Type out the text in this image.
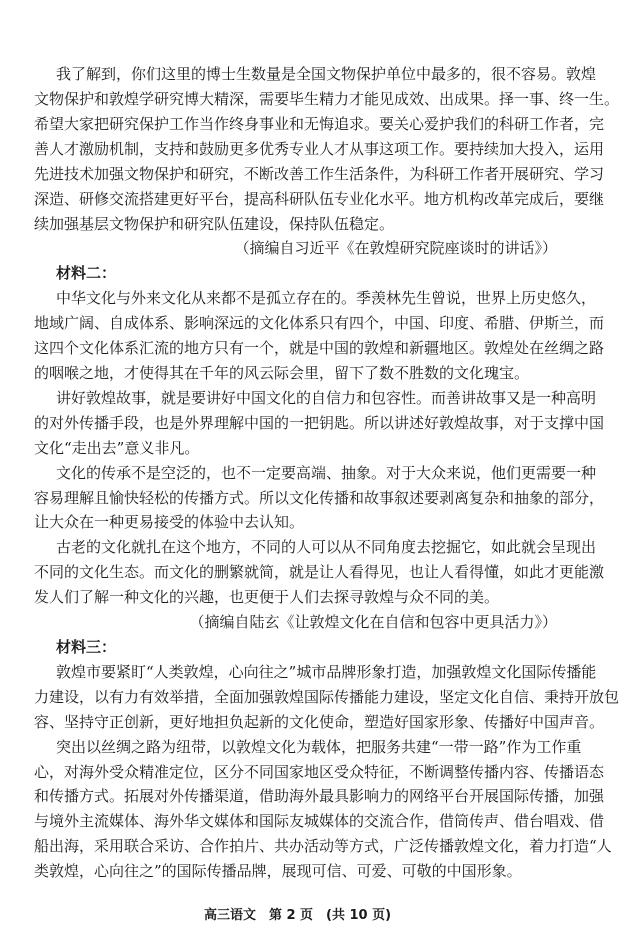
我了解到，你们这里的博士生数量是全国文物保护单位中最多的，很不容易。敦煌
文物保护和敦煌学研究博大精深，需要毕生精力才能见成效、出成果。择一事、终一生。
希望大家把研究保护工作当作终身事业和无悔追求。要关心爱护我们的科研工作者，完
善人才激励机制，支持和鼓励更多优秀专业人才从事这项工作。要持续加大投入，运用
先进技术加强文物保护和研究，不断改善工作生活条件，为科研工作者开展研究、学习
深造、研修交流搭建更好平台，提高科研队伍专业化水平。地方机构改革完成后，要继
续加强基层文物保护和研究队伍建设，保持队伍稳定。
（摘编自习近平《在敦煌研究院座谈时的讲话》）
材料二：
中华文化与外来文化从来都不是孤立存在的。季羡林先生曾说，世界上历史悠久，
地域广阔、自成体系、影响深远的文化体系只有四个，中国、印度、希腊、伊斯兰，而
这四个文化体系汇流的地方只有一个，就是中国的敦煌和新疆地区。敦煌处在丝绸之路
的咽喉之地，才使得其在千年的风云际会里，留下了数不胜数的文化瑰宝。
讲好敦煌故事，就是要讲好中国文化的自信力和包容性。而善讲故事又是一种高明
的对外传播手段，也是外界理解中国的一把钥匙。所以讲述好敦煌故事，对于支撑中国
文化“走出去”意义非凡。
文化的传承不是空泛的，也不一定要高端、抽象。对于大众来说，他们更需要一种
容易理解且愉快轻松的传播方式。所以文化传播和故事叙述要剥离复杂和抽象的部分，
让大众在一种更易接受的体验中去认知。
古老的文化就扎在这个地方，不同的人可以从不同角度去挖掘它，如此就会呈现出
不同的文化生态。而文化的删繁就简，就是让人看得见，也让人看得懂，如此才更能激
发人们了解一种文化的兴趣，也更便于人们去探寻敦煌与众不同的美。
（摘编自陆玄《让敦煌文化在自信和包容中更具活力》）
材料三：
敦煌市要紧盯“人类敦煌，心向往之”城市品牌形象打造，加强敦煌文化国际传播能
力建设，以有力有效举措，全面加强敦煌国际传播能力建设，坚定文化自信、秉持开放包
容、坚持守正创新，更好地担负起新的文化使命，塑造好国家形象、传播好中国声音。
突出以丝绸之路为纽带，以敦煌文化为载体，把服务共建“一带一路”作为工作重
心，对海外受众精准定位，区分不同国家地区受众特征，不断调整传播内容、传播语态
和传播方式。拓展对外传播渠道，借助海外最具影响力的网络平台开展国际传播，加强
与境外主流媒体、海外华文媒体和国际友城媒体的交流合作，借筒传声、借台唱戏、借
船出海，采用联合采访、合作拍片、共办活动等方式，广泛传播敦煌文化，着力打造“人
类敦煌，心向往之”的国际传播品牌，展现可信、可爱、可敬的中国形象。
高三语文　第 2 页　(共 10 页)
